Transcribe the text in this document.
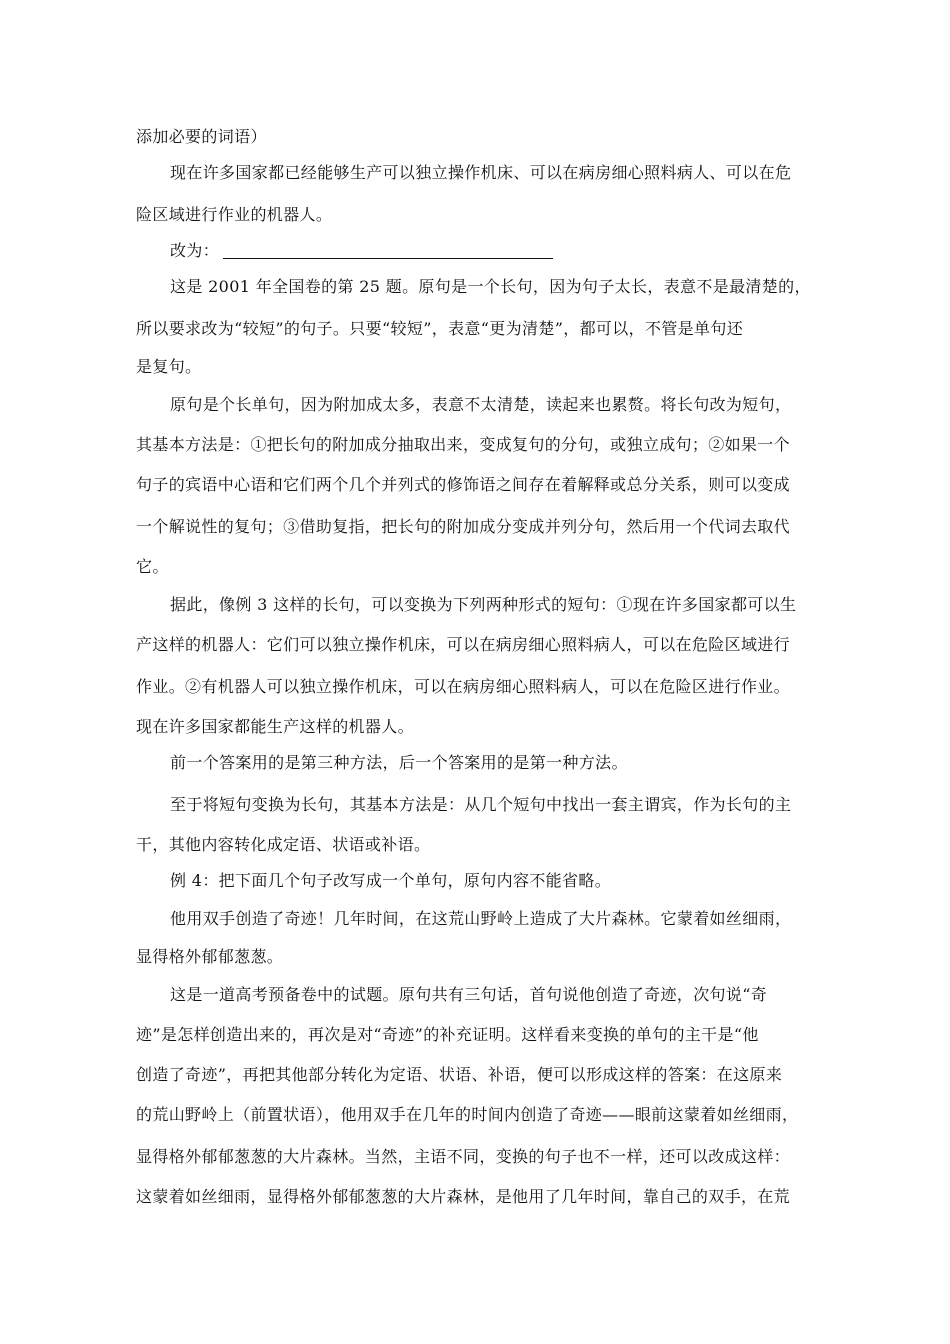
添加必要的词语）
现在许多国家都已经能够生产可以独立操作机床、可以在病房细心照料病人、可以在危
险区域进行作业的机器人。
改为：
这是 2001 年全国卷的第 25 题。原句是一个长句，因为句子太长，表意不是最清楚的，
所以要求改为“较短”的句子。只要“较短”，表意“更为清楚”，都可以，不管是单句还
是复句。
原句是个长单句，因为附加成太多，表意不太清楚，读起来也累赘。将长句改为短句，
其基本方法是：①把长句的附加成分抽取出来，变成复句的分句，或独立成句；②如果一个
句子的宾语中心语和它们两个几个并列式的修饰语之间存在着解释或总分关系，则可以变成
一个解说性的复句；③借助复指，把长句的附加成分变成并列分句，然后用一个代词去取代
它。
据此，像例 3 这样的长句，可以变换为下列两种形式的短句：①现在许多国家都可以生
产这样的机器人：它们可以独立操作机床，可以在病房细心照料病人，可以在危险区域进行
作业。②有机器人可以独立操作机床，可以在病房细心照料病人，可以在危险区进行作业。
现在许多国家都能生产这样的机器人。
前一个答案用的是第三种方法，后一个答案用的是第一种方法。
至于将短句变换为长句，其基本方法是：从几个短句中找出一套主谓宾，作为长句的主
干，其他内容转化成定语、状语或补语。
例 4：把下面几个句子改写成一个单句，原句内容不能省略。
他用双手创造了奇迹！几年时间，在这荒山野岭上造成了大片森林。它蒙着如丝细雨，
显得格外郁郁葱葱。
这是一道高考预备卷中的试题。原句共有三句话，首句说他创造了奇迹，次句说“奇
迹”是怎样创造出来的，再次是对“奇迹”的补充证明。这样看来变换的单句的主干是“他
创造了奇迹”，再把其他部分转化为定语、状语、补语，便可以形成这样的答案：在这原来
的荒山野岭上（前置状语），他用双手在几年的时间内创造了奇迹——眼前这蒙着如丝细雨，
显得格外郁郁葱葱的大片森林。当然，主语不同，变换的句子也不一样，还可以改成这样：
这蒙着如丝细雨，显得格外郁郁葱葱的大片森林，是他用了几年时间，靠自己的双手，在荒
